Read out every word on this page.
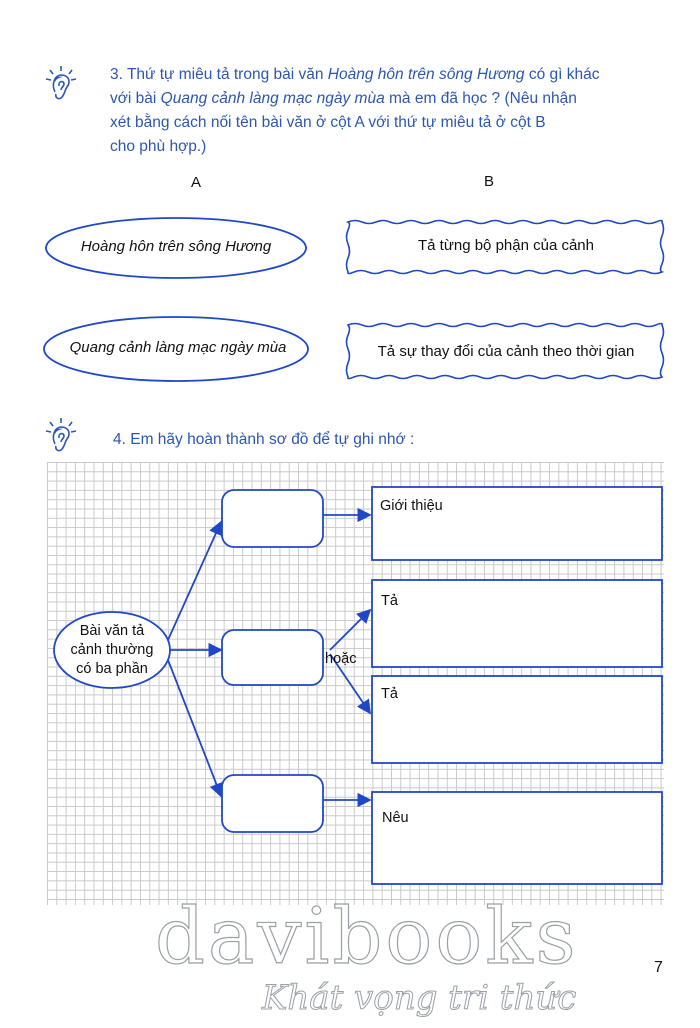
3. Thứ tự miêu tả trong bài văn Hoàng hôn trên sông Hương có gì khác
với bài Quang cảnh làng mạc ngày mùa mà em đã học ? (Nêu nhận
xét bằng cách nối tên bài văn ở cột A với thứ tự miêu tả ở cột B
cho phù hợp.)
A	B
Hoàng hôn trên sông Hương
Quang cảnh làng mạc ngày mùa
Tả từng bộ phận của cảnh
Tả sự thay đổi của cảnh theo thời gian
4. Em hãy hoàn thành sơ đồ để tự ghi nhớ :
Bài văn tả
cảnh thường
có ba phần
hoặc
Giới thiệu
Tả
Tả
Nêu
davibooks
Khát vọng tri thức
7
